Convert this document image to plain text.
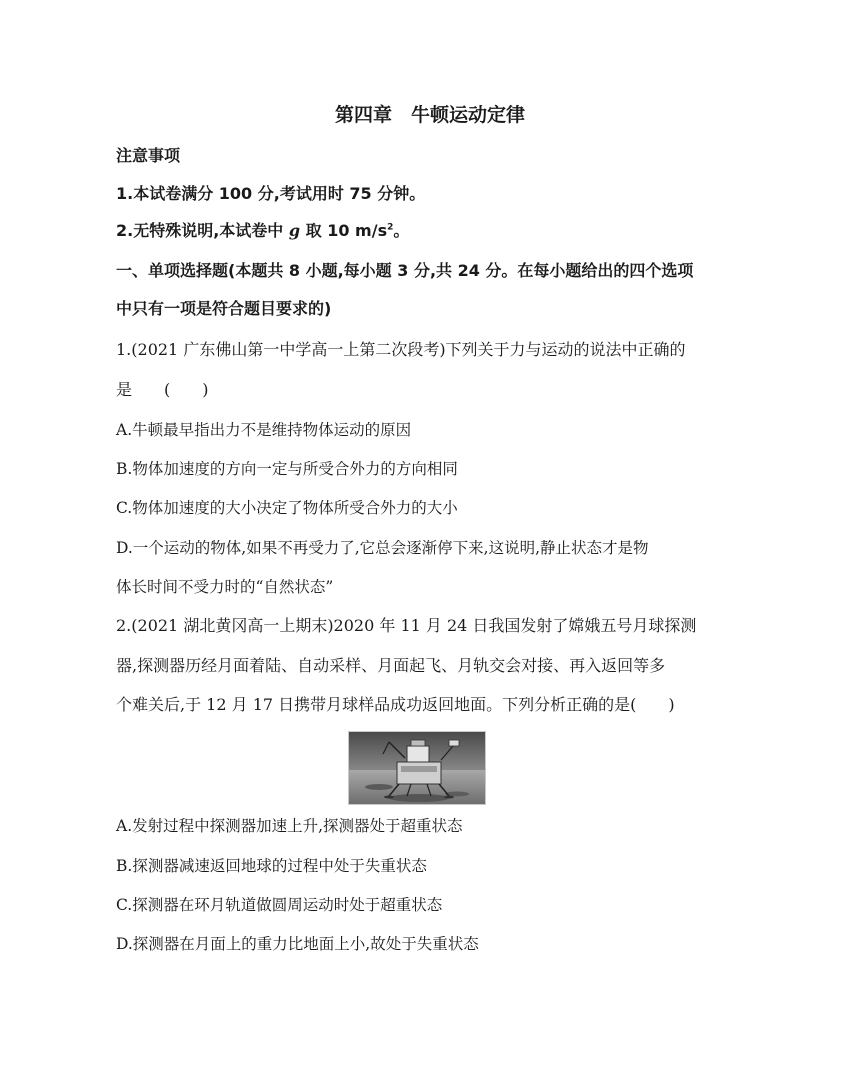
第四章　牛顿运动定律
注意事项
1.本试卷满分 100 分,考试用时 75 分钟。
2.无特殊说明,本试卷中 g 取 10 $m/s^2$。
一、单项选择题(本题共 8 小题,每小题 3 分,共 24 分。在每小题给出的四个选项
中只有一项是符合题目要求的)
1.(2021 广东佛山第一中学高一上第二次段考)下列关于力与运动的说法中正确的
是　　(　　)
A.牛顿最早指出力不是维持物体运动的原因
B.物体加速度的方向一定与所受合外力的方向相同
C.物体加速度的大小决定了物体所受合外力的大小
D.一个运动的物体,如果不再受力了,它总会逐渐停下来,这说明,静止状态才是物
体长时间不受力时的“自然状态”
2.(2021 湖北黄冈高一上期末)2020 年 11 月 24 日我国发射了嫦娥五号月球探测
器,探测器历经月面着陆、自动采样、月面起飞、月轨交会对接、再入返回等多
个难关后,于 12 月 17 日携带月球样品成功返回地面。下列分析正确的是(　　)
A.发射过程中探测器加速上升,探测器处于超重状态
B.探测器减速返回地球的过程中处于失重状态
C.探测器在环月轨道做圆周运动时处于超重状态
D.探测器在月面上的重力比地面上小,故处于失重状态
